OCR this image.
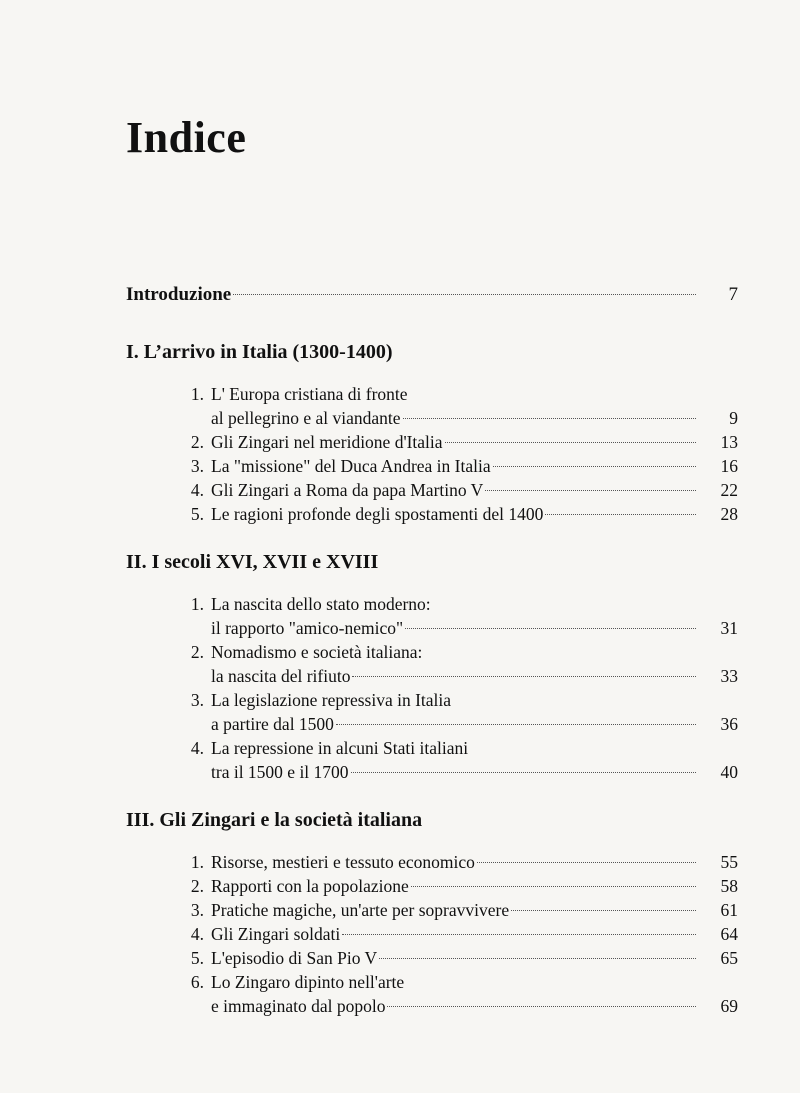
Indice
Introduzione	7
I. L’arrivo in Italia (1300-1400)
1. L' Europa cristiana di fronte
al pellegrino e al viandante	9
2. Gli Zingari nel meridione d'Italia	13
3. La "missione" del Duca Andrea in Italia	16
4. Gli Zingari a Roma da papa Martino V	22
5. Le ragioni profonde degli spostamenti del 1400	28
II. I secoli XVI, XVII e XVIII
1. La nascita dello stato moderno:
il rapporto "amico-nemico"	31
2. Nomadismo e società italiana:
la nascita del rifiuto	33
3. La legislazione repressiva in Italia
a partire dal 1500	36
4. La repressione in alcuni Stati italiani
tra il 1500 e il 1700	40
III. Gli Zingari e la società italiana
1. Risorse, mestieri e tessuto economico	55
2. Rapporti con la popolazione	58
3. Pratiche magiche, un'arte per sopravvivere	61
4. Gli Zingari soldati	64
5. L'episodio di San Pio V	65
6. Lo Zingaro dipinto nell'arte
e immaginato dal popolo	69
